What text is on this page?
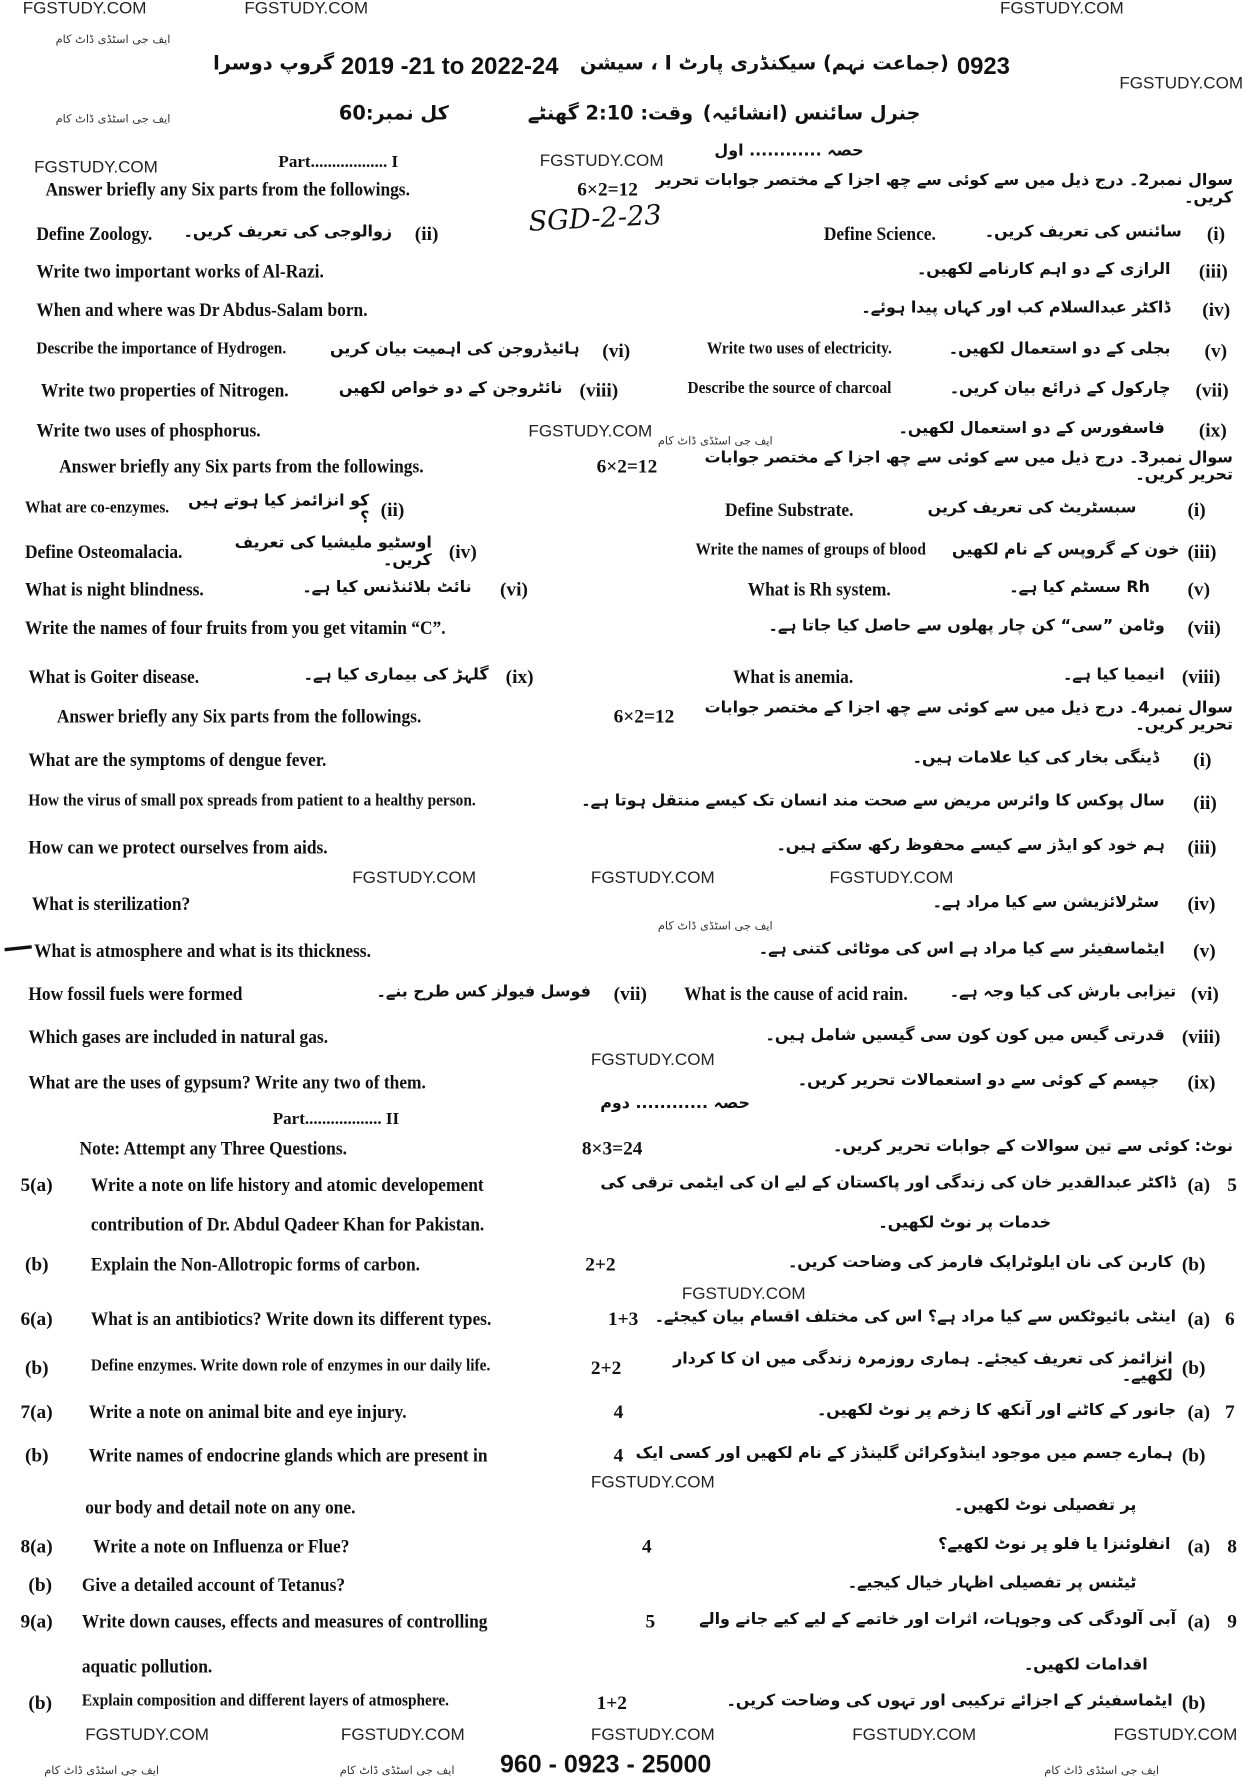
FGSTUDY.COM	FGSTUDY.COM	FGSTUDY.COM
FGSTUDY.COM
FGSTUDY.COM	FGSTUDY.COM
FGSTUDY.COM
FGSTUDY.COM	FGSTUDY.COM	FGSTUDY.COM
FGSTUDY.COM
FGSTUDY.COM
FGSTUDY.COM
FGSTUDY.COM	FGSTUDY.COM	FGSTUDY.COM	FGSTUDY.COM	FGSTUDY.COM
ایف جی اسٹڈی ڈاٹ کام
ایف جی اسٹڈی ڈاٹ کام
ایف جی اسٹڈی ڈاٹ کام
ایف جی اسٹڈی ڈاٹ کام
ایف جی اسٹڈی ڈاٹ کام	ایف جی اسٹڈی ڈاٹ کام	ایف جی اسٹڈی ڈاٹ کام
0923
(جماعت نہم) سیکنڈری پارٹ I ، سیشن
2019 -21 to 2022-24
گروپ دوسرا
کل نمبر:60	وقت: 2:10 گھنٹے جنرل سائنس (انشائیہ)
Part.................. I
حصہ ............ اول
SGD-2-23
Part.................. II
حصہ ............ دوم
Answer briefly any Six parts from the followings.	6×2=12	سوال نمبر2۔ درج ذیل میں سے کوئی سے چھ اجزا کے مختصر جوابات تحریر کریں۔
Define Zoology. زوالوجی کی تعریف کریں۔ (ii)	Define Science.	سائنس کی تعریف کریں۔ (i)
Write two important works of Al-Razi.	الرازی کے دو اہم کارنامے لکھیں۔ (iii)
When and where was Dr Abdus-Salam born.	ڈاکٹر عبدالسلام کب اور کہاں پیدا ہوئے۔ (iv)
Describe the importance of Hydrogen.	ہائیڈروجن کی اہمیت بیان کریں (vi)	Write two uses of electricity.	بجلی کے دو استعمال لکھیں۔ (v)
Write two properties of Nitrogen.	نائٹروجن کے دو خواص لکھیں (viii)	Describe the source of charcoal	چارکول کے ذرائع بیان کریں۔ (vii)
Write two uses of phosphorus.	فاسفورس کے دو استعمال لکھیں۔ (ix)
Answer briefly any Six parts from the followings.	6×2=12	سوال نمبر3۔ درج ذیل میں سے کوئی سے چھ اجزا کے مختصر جوابات تحریر کریں۔
What are co-enzymes.	کو انزائمز کیا ہوتے ہیں ؟ (ii)	Define Substrate.	سبسٹریٹ کی تعریف کریں	(i)
Define Osteomalacia.	اوسٹیو ملیشیا کی تعریف کریں۔ (iv)	Write the names of groups of blood خون کے گروپس کے نام لکھیں (iii)
What is night blindness.	نائٹ بلائنڈنس کیا ہے۔ (vi)	What is Rh system.	Rh سسٹم کیا ہے۔ (v)
Write the names of four fruits from you get vitamin “C”.	وٹامن ”سی“ کن چار پھلوں سے حاصل کیا جاتا ہے۔ (vii)
What is Goiter disease.	گلہڑ کی بیماری کیا ہے۔ (ix)	What is anemia.	انیمیا کیا ہے۔ (viii)
Answer briefly any Six parts from the followings.	6×2=12	سوال نمبر4۔ درج ذیل میں سے کوئی سے چھ اجزا کے مختصر جوابات تحریر کریں۔
What are the symptoms of dengue fever.	ڈینگی بخار کی کیا علامات ہیں۔ (i)
How the virus of small pox spreads from patient to a healthy person.	سال پوکس کا وائرس مریض سے صحت مند انسان تک کیسے منتقل ہوتا ہے۔ (ii)
How can we protect ourselves from aids.	ہم خود کو ایڈز سے کیسے محفوظ رکھ سکتے ہیں۔ (iii)
What is sterilization?	سٹرلائزیشن سے کیا مراد ہے۔ (iv)
What is atmosphere and what is its thickness.	ایٹماسفیئر سے کیا مراد ہے اس کی موٹائی کتنی ہے۔ (v)
How fossil fuels were formed	فوسل فیولز کس طرح بنے۔ (vii) What is the cause of acid rain.	تیزابی بارش کی کیا وجہ ہے۔ (vi)
Which gases are included in natural gas.	قدرتی گیس میں کون کون سی گیسیں شامل ہیں۔ (viii)
What are the uses of gypsum? Write any two of them.	جپسم کے کوئی سے دو استعمالات تحریر کریں۔ (ix)
Note: Attempt any Three Questions.	8×3=24	نوٹ: کوئی سے تین سوالات کے جوابات تحریر کریں۔
5(a) Write a note on life history and atomic developement	ڈاکٹر عبدالقدیر خان کی زندگی اور پاکستان کے لیے ان کی ایٹمی ترقی کی (a) 5
contribution of Dr. Abdul Qadeer Khan for Pakistan.	خدمات پر نوٹ لکھیں۔
(b) Explain the Non-Allotropic forms of carbon.	2+2	کاربن کی نان ایلوٹراپک فارمز کی وضاحت کریں۔ (b)
6(a) What is an antibiotics? Write down its different types.	1+3 اینٹی بائیوٹکس سے کیا مراد ہے؟ اس کی مختلف اقسام بیان کیجئے۔ (a) 6
(b)	Define enzymes. Write down role of enzymes in our daily life.	2+2	انزائمز کی تعریف کیجئے۔ ہماری روزمرہ زندگی میں ان کا کردار لکھیے۔ (b)
7(a) Write a note on animal bite and eye injury.	4	جانور کے کاٹنے اور آنکھ کا زخم پر نوٹ لکھیں۔ (a) 7
(b) Write names of endocrine glands which are present in	4 ہمارے جسم میں موجود اینڈوکرائن گلینڈز کے نام لکھیں اور کسی ایک (b)
our body and detail note on any one.	پر تفصیلی نوٹ لکھیں۔
8(a) Write a note on Influenza or Flue?	4	انفلوئنزا یا فلو پر نوٹ لکھیے؟ (a) 8
(b) Give a detailed account of Tetanus?	ٹیٹنس پر تفصیلی اظہار خیال کیجیے۔
9(a) Write down causes, effects and measures of controlling	5	آبی آلودگی کی وجوہات، اثرات اور خاتمے کے لیے کیے جانے والے (a) 9
aquatic pollution.	اقدامات لکھیں۔
(b) Explain composition and different layers of atmosphere.	1+2	ایٹماسفیئر کے اجزائے ترکیبی اور تہوں کی وضاحت کریں۔ (b)
960 - 0923 - 25000
